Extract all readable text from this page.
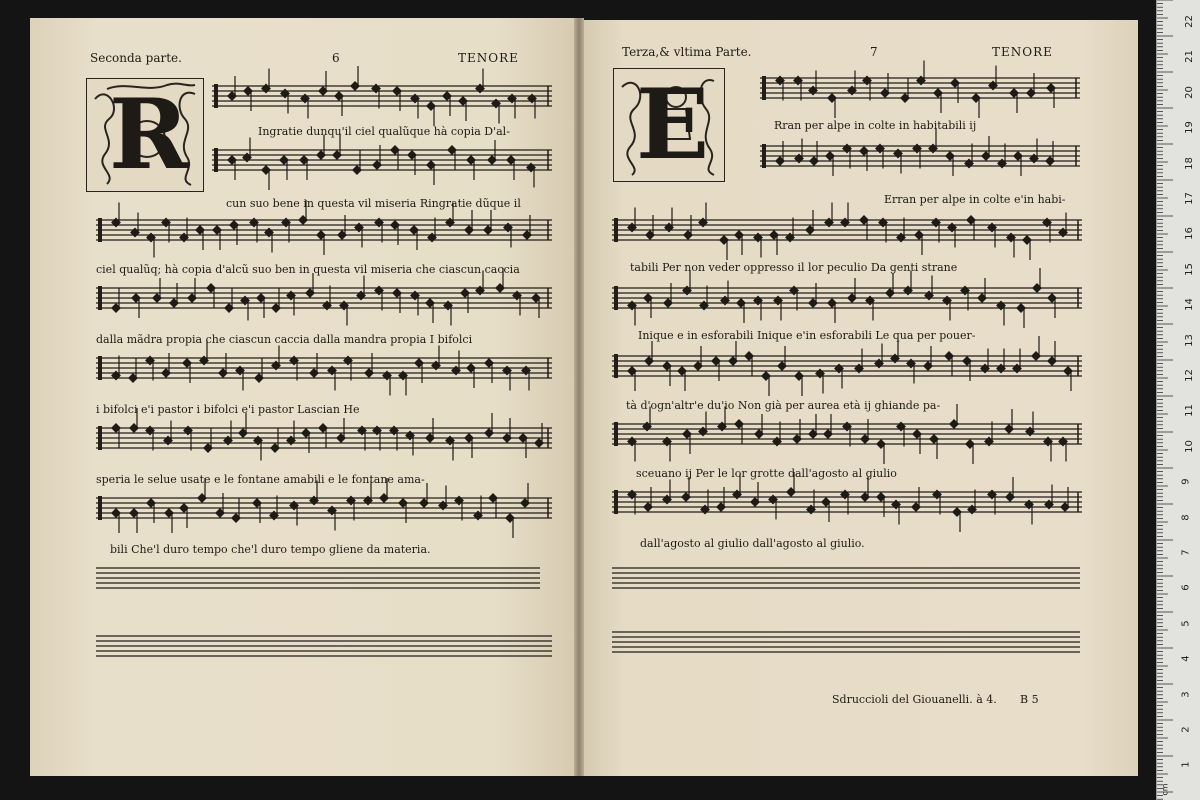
R	E
Seconda parte.	6	TENORE	Terza,& vltima Parte.	7	TENORE
Ingratie dunqu'il ciel qualũque hà copia D'al-
cun suo bene in questa vil miseria Ringratie dũque il
ciel qualũq; hà copia d'alcũ suo ben in questa vil miseria che ciascun caccia
dalla mãdra propia che ciascun caccia dalla mandra propia I bifolci
i bifolci e'i pastor i bifolci e'i pastor Lascian He
speria le selue usate e le fontane amabili e le fontane ama-
bili Che'l duro tempo che'l duro tempo gliene da materia.
Rran per alpe in colte in habitabili ij
Erran per alpe in colte e'in habi-
tabili Per non veder oppresso il lor peculio Da genti strane
Inique e in esforabili Inique e'in esforabili Le qua per pouer-
tà d'ogn'altr'e du'io Non già per aurea età ij ghiande pa-
sceuano ij Per le lor grotte dall'agosto al giulio
dall'agosto al giulio dall'agosto al giulio.
Sdruccioli del Giouanelli. à 4. B 5
cm
22
21
20
19
18
17
16
15
14
13
12
11
10
9
8
7
6
5
4
3
2
1
